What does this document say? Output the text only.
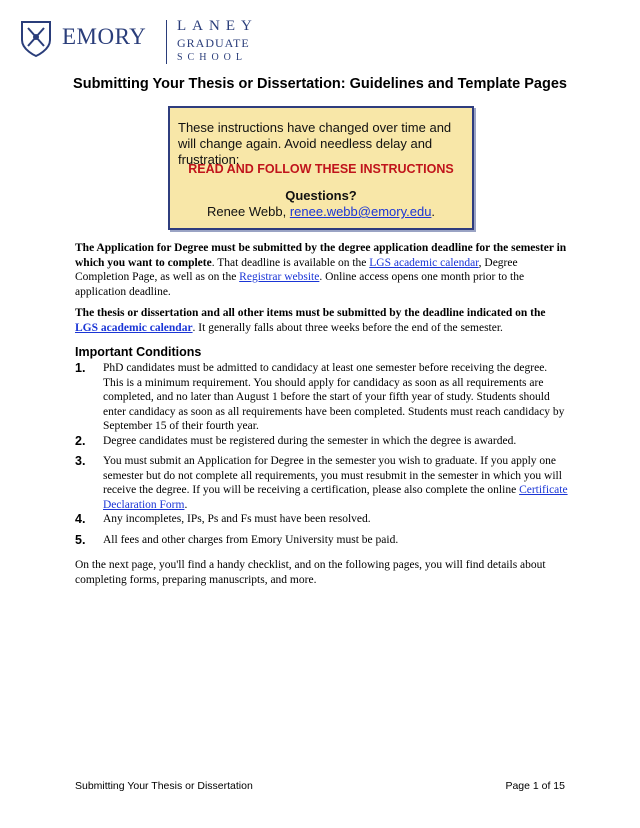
EMORY LANEY
GRADUATE
SCHOOL
Submitting Your Thesis or Dissertation: Guidelines and Template Pages
These instructions have changed over time and will change again. Avoid needless delay and frustration:
READ AND FOLLOW THESE INSTRUCTIONS
Questions?
Renee Webb, renee.webb@emory.edu.
The Application for Degree must be submitted by the degree application deadline for the semester in which you want to complete. That deadline is available on the LGS academic calendar, Degree Completion Page, as well as on the Registrar website. Online access opens one month prior to the application deadline.
The thesis or dissertation and all other items must be submitted by the deadline indicated on the LGS academic calendar. It generally falls about three weeks before the end of the semester.
Important Conditions
1. PhD candidates must be admitted to candidacy at least one semester before receiving the degree. This is a minimum requirement. You should apply for candidacy as soon as all requirements are completed, and no later than August 1 before the start of your fifth year of study. Students should enter candidacy as soon as all requirements have been completed. Students must reach candidacy by September 15 of their fourth year.
2. Degree candidates must be registered during the semester in which the degree is awarded.
3. You must submit an Application for Degree in the semester you wish to graduate. If you apply one semester but do not complete all requirements, you must resubmit in the semester in which you will receive the degree. If you will be receiving a certification, please also complete the online Certificate Declaration Form.
4. Any incompletes, IPs, Ps and Fs must have been resolved.
5. All fees and other charges from Emory University must be paid.
On the next page, you'll find a handy checklist, and on the following pages, you will find details about completing forms, preparing manuscripts, and more.
Submitting Your Thesis or Dissertation	Page 1 of 15
